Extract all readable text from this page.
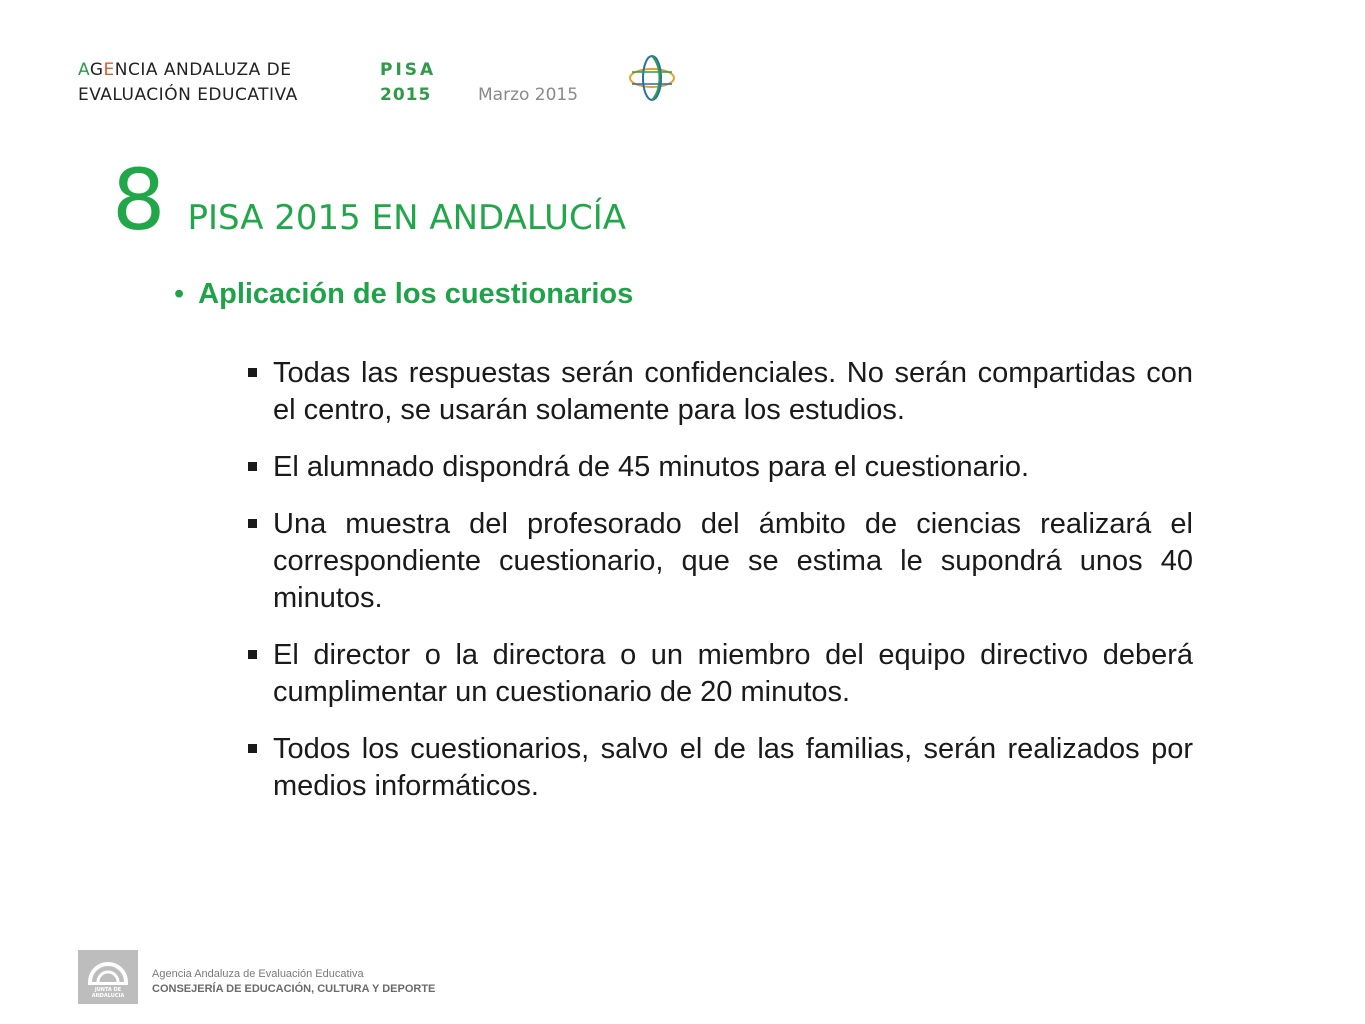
AGENCIA ANDALUZA DE
EVALUACIÓN EDUCATIVA
PISA
2015	Marzo 2015
8 PISA 2015 EN ANDALUCÍA
• Aplicación de los cuestionarios
Todas las respuestas serán confidenciales. No serán compartidas con el centro, se usarán solamente para los estudios.
El alumnado dispondrá de 45 minutos para el cuestionario.
Una muestra del profesorado del ámbito de ciencias realizará el correspondiente cuestionario, que se estima le supondrá unos 40 minutos.
El director o la directora o un miembro del equipo directivo deberá cumplimentar un cuestionario de 20 minutos.
Todos los cuestionarios, salvo el de las familias, serán realizados por medios informáticos.
JUNTA DE ANDALUCIA
Agencia Andaluza de Evaluación Educativa
CONSEJERÍA DE EDUCACIÓN, CULTURA Y DEPORTE
